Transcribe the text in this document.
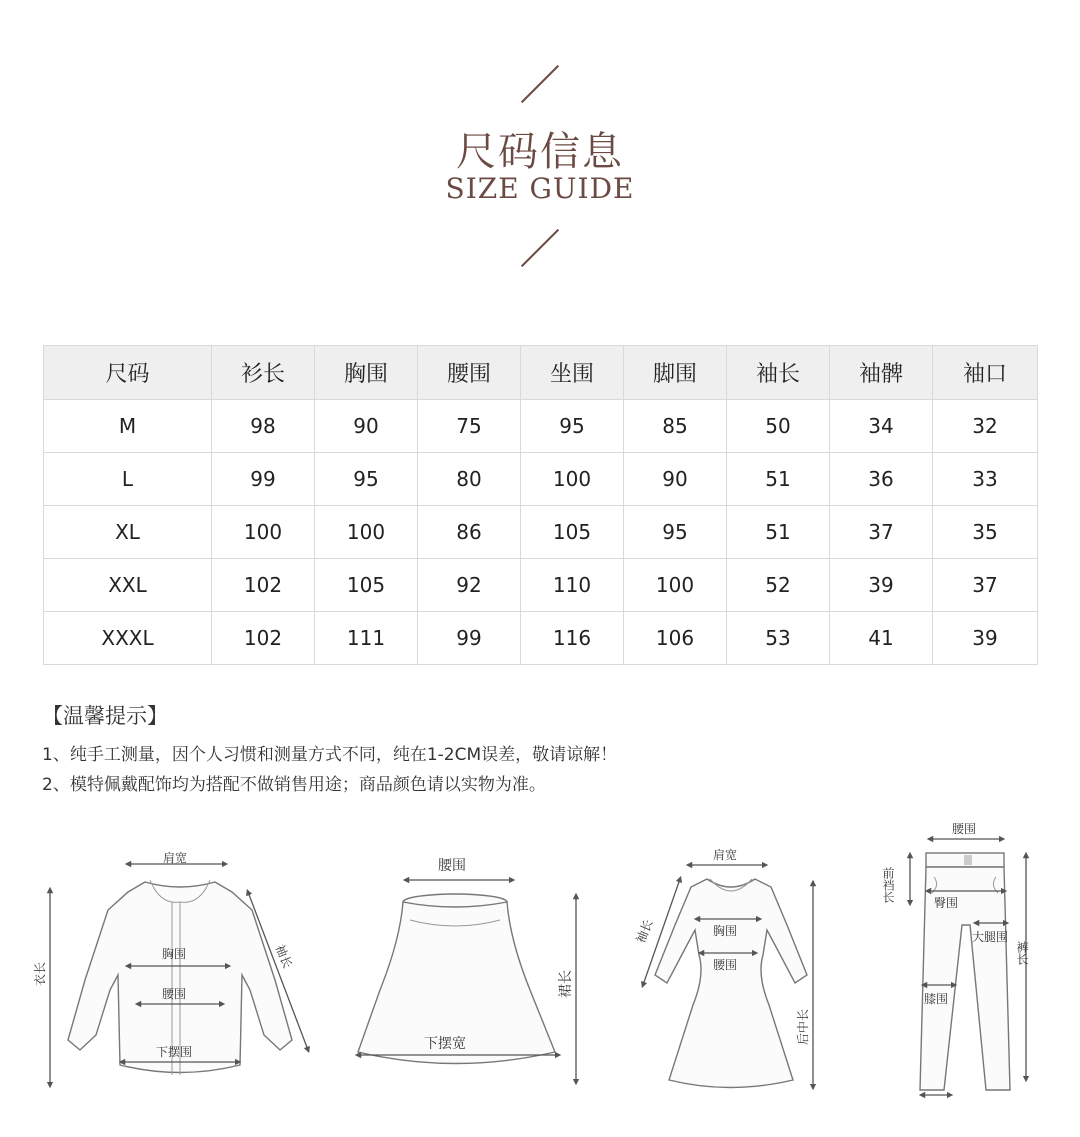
尺码信息
SIZE GUIDE
尺码	衫长	胸围	腰围	坐围	脚围	袖长	袖髀	袖口
M	98	90	75	95	85	50	34	32
L	99	95	80	100	90	51	36	33
XL	100	100	86	105	95	51	37	35
XXL	102	105	92	110	100	52	39	37
XXXL	102	111	99	116	106	53	41	39
【温馨提示】
1、纯手工测量，因个人习惯和测量方式不同，纯在1-2CM误差，敬请谅解！
2、模特佩戴配饰均为搭配不做销售用途；商品颜色请以实物为准。
肩宽
衣长
袖长
胸围
腰围
下摆围
腰围
裙长
下摆宽
肩宽
袖长	胸围
腰围
后中长
腰围
前裆长	臀围
大腿围
裤长
膝围
